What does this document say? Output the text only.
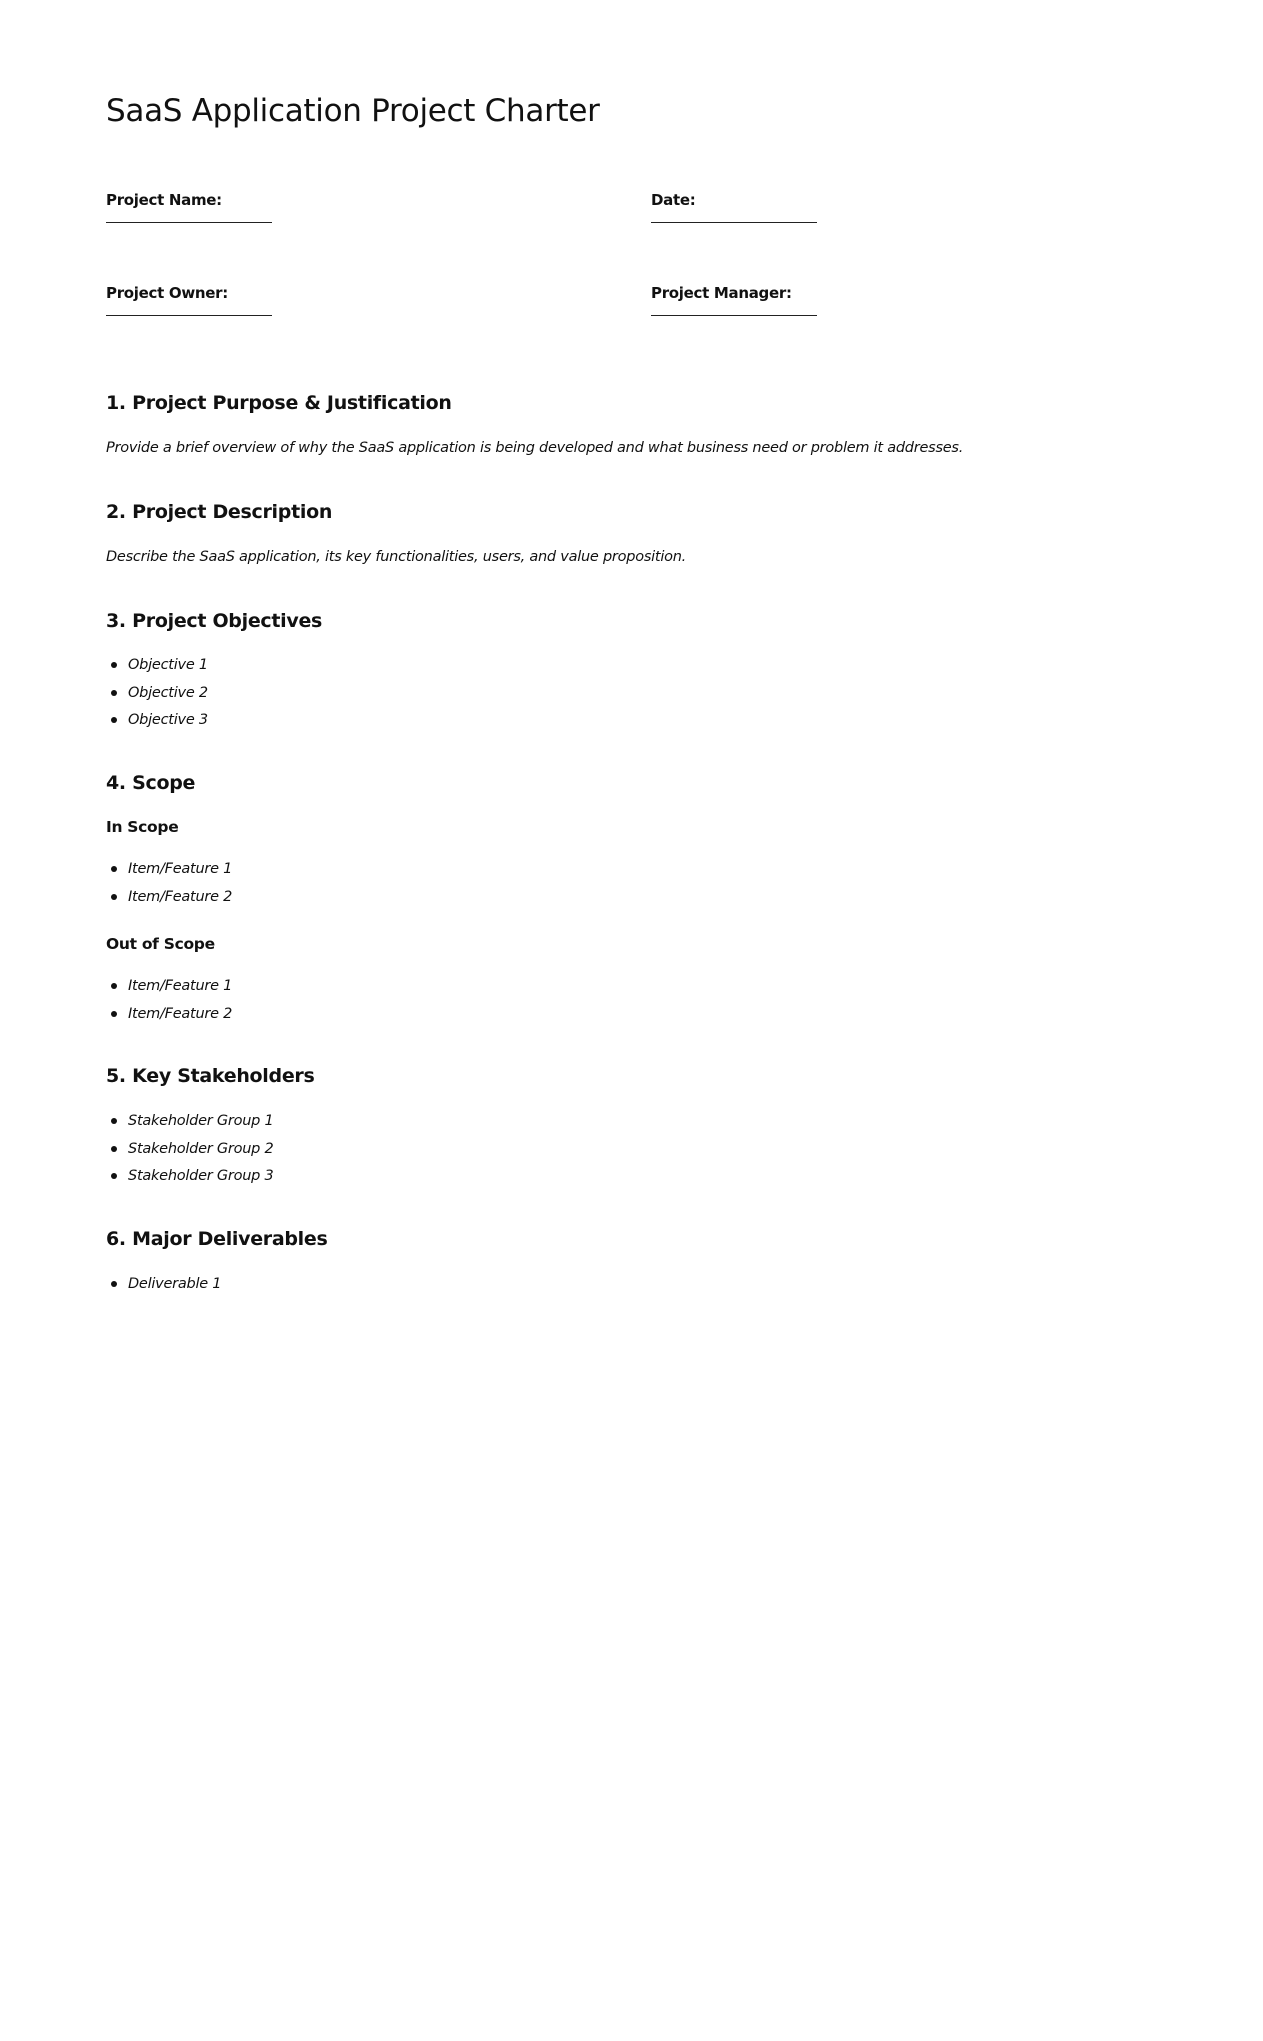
SaaS Application Project Charter
Project Name:	Date:
Project Owner:	Project Manager:
1. Project Purpose & Justification

Provide a brief overview of why the SaaS application is being developed and what business need or problem it addresses.

2. Project Description

Describe the SaaS application, its key functionalities, users, and value proposition.

3. Project Objectives
Objective 1
Objective 2
Objective 3
4. Scope
In Scope
Item/Feature 1
Item/Feature 2
Out of Scope
Item/Feature 1
Item/Feature 2
5. Key Stakeholders
Stakeholder Group 1
Stakeholder Group 2
Stakeholder Group 3
6. Major Deliverables
Deliverable 1
